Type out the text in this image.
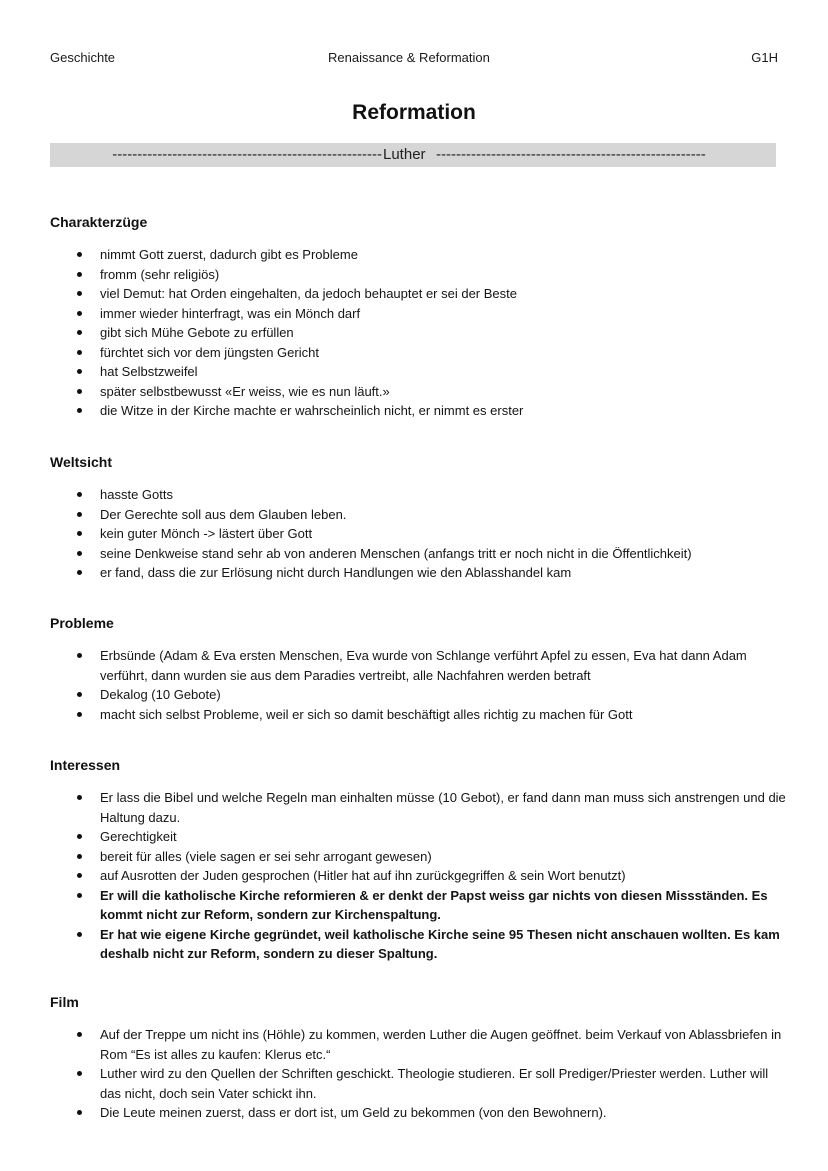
Geschichte	Renaissance & Reformation	G1H
Reformation
------------------------------------------------------ Luther ------------------------------------------------------
Charakterzüge
nimmt Gott zuerst, dadurch gibt es Probleme
fromm (sehr religiös)
viel Demut: hat Orden eingehalten, da jedoch behauptet er sei der Beste
immer wieder hinterfragt, was ein Mönch darf
gibt sich Mühe Gebote zu erfüllen
fürchtet sich vor dem jüngsten Gericht
hat Selbstzweifel
später selbstbewusst «Er weiss, wie es nun läuft.»
die Witze in der Kirche machte er wahrscheinlich nicht, er nimmt es erster
Weltsicht
hasste Gotts
Der Gerechte soll aus dem Glauben leben.
kein guter Mönch -> lästert über Gott
seine Denkweise stand sehr ab von anderen Menschen (anfangs tritt er noch nicht in die Öffentlichkeit)
er fand, dass die zur Erlösung nicht durch Handlungen wie den Ablasshandel kam
Probleme
Erbsünde (Adam & Eva ersten Menschen, Eva wurde von Schlange verführt Apfel zu essen, Eva hat dann Adam verführt, dann wurden sie aus dem Paradies vertreibt, alle Nachfahren werden betraft
Dekalog (10 Gebote)
macht sich selbst Probleme, weil er sich so damit beschäftigt alles richtig zu machen für Gott
Interessen
Er lass die Bibel und welche Regeln man einhalten müsse (10 Gebot), er fand dann man muss sich anstrengen und die Haltung dazu.
Gerechtigkeit
bereit für alles (viele sagen er sei sehr arrogant gewesen)
auf Ausrotten der Juden gesprochen (Hitler hat auf ihn zurückgegriffen & sein Wort benutzt)
Er will die katholische Kirche reformieren & er denkt der Papst weiss gar nichts von diesen Missständen. Es kommt nicht zur Reform, sondern zur Kirchenspaltung.
Er hat wie eigene Kirche gegründet, weil katholische Kirche seine 95 Thesen nicht anschauen wollten. Es kam deshalb nicht zur Reform, sondern zu dieser Spaltung.
Film
Auf der Treppe um nicht ins (Höhle) zu kommen, werden Luther die Augen geöffnet. beim Verkauf von Ablassbriefen in Rom “Es ist alles zu kaufen: Klerus etc.“
Luther wird zu den Quellen der Schriften geschickt. Theologie studieren. Er soll Prediger/Priester werden. Luther will das nicht, doch sein Vater schickt ihn.
Die Leute meinen zuerst, dass er dort ist, um Geld zu bekommen (von den Bewohnern).
